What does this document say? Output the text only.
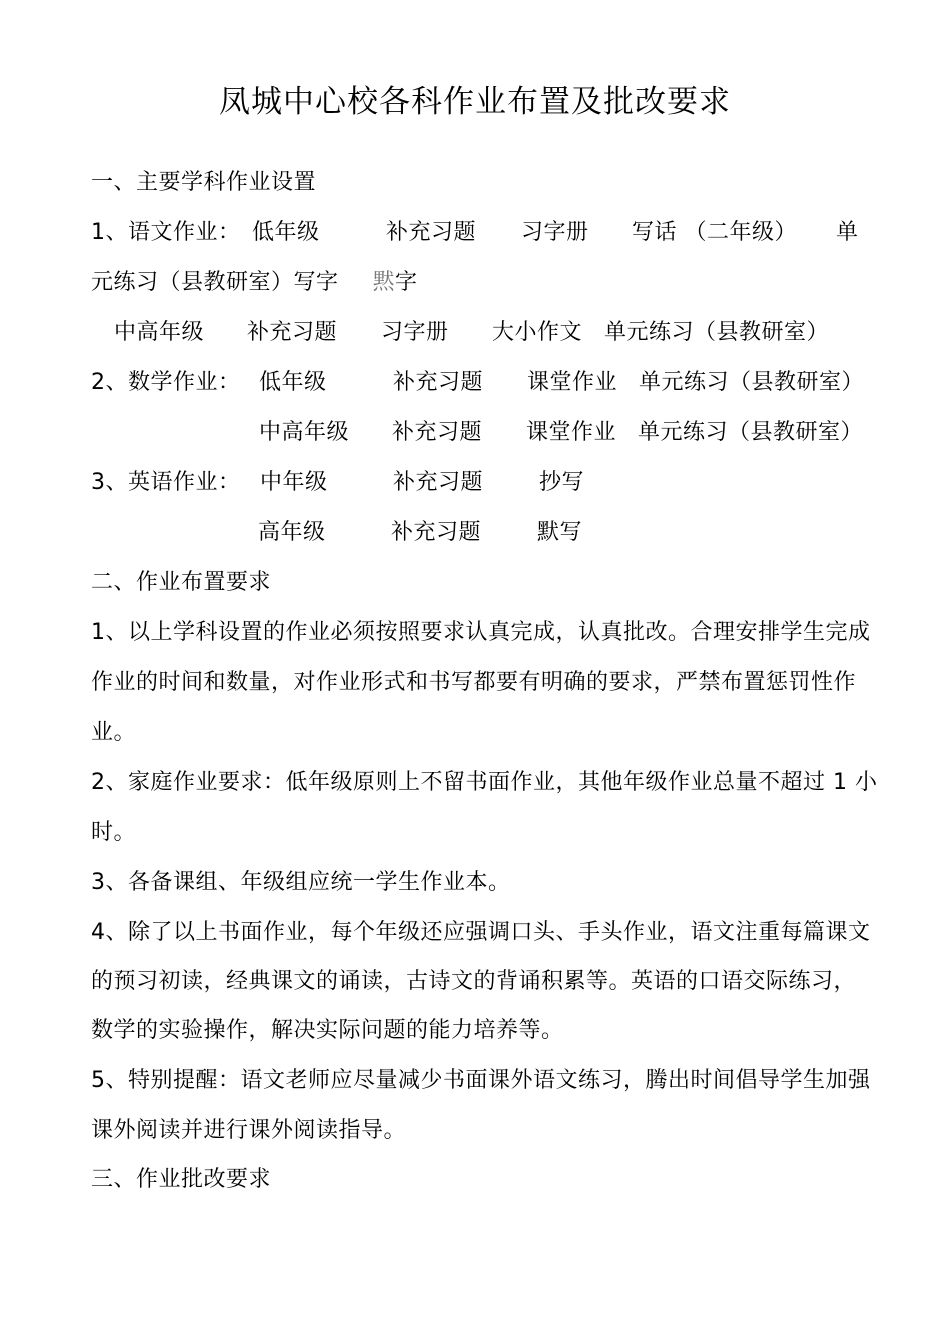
凤城中心校各科作业布置及批改要求
一、主要学科作业设置
1、语文作业： 低年级	补充习题 习字册 写话 （二年级） 单
元练习（县教研室）写字 黙字
中高年级 补充习题 习字册 大小作文 单元练习（县教研室）
2、数学作业： 低年级	补充习题 课堂作业 单元练习（县教研室）
中高年级 补充习题 课堂作业 单元练习（县教研室）
3、英语作业： 中年级	补充习题	抄写
高年级	补充习题	默写
二、作业布置要求
1、以上学科设置的作业必须按照要求认真完成，认真批改。合理安排学生完成
作业的时间和数量，对作业形式和书写都要有明确的要求，严禁布置惩罚性作
业。
2、家庭作业要求：低年级原则上不留书面作业，其他年级作业总量不超过 1 小
时。
3、各备课组、年级组应统一学生作业本。
4、除了以上书面作业，每个年级还应强调口头、手头作业，语文注重每篇课文
的预习初读，经典课文的诵读，古诗文的背诵积累等。英语的口语交际练习，
数学的实验操作，解决实际问题的能力培养等。
5、特别提醒：语文老师应尽量减少书面课外语文练习，腾出时间倡导学生加强
课外阅读并进行课外阅读指导。
三、作业批改要求
